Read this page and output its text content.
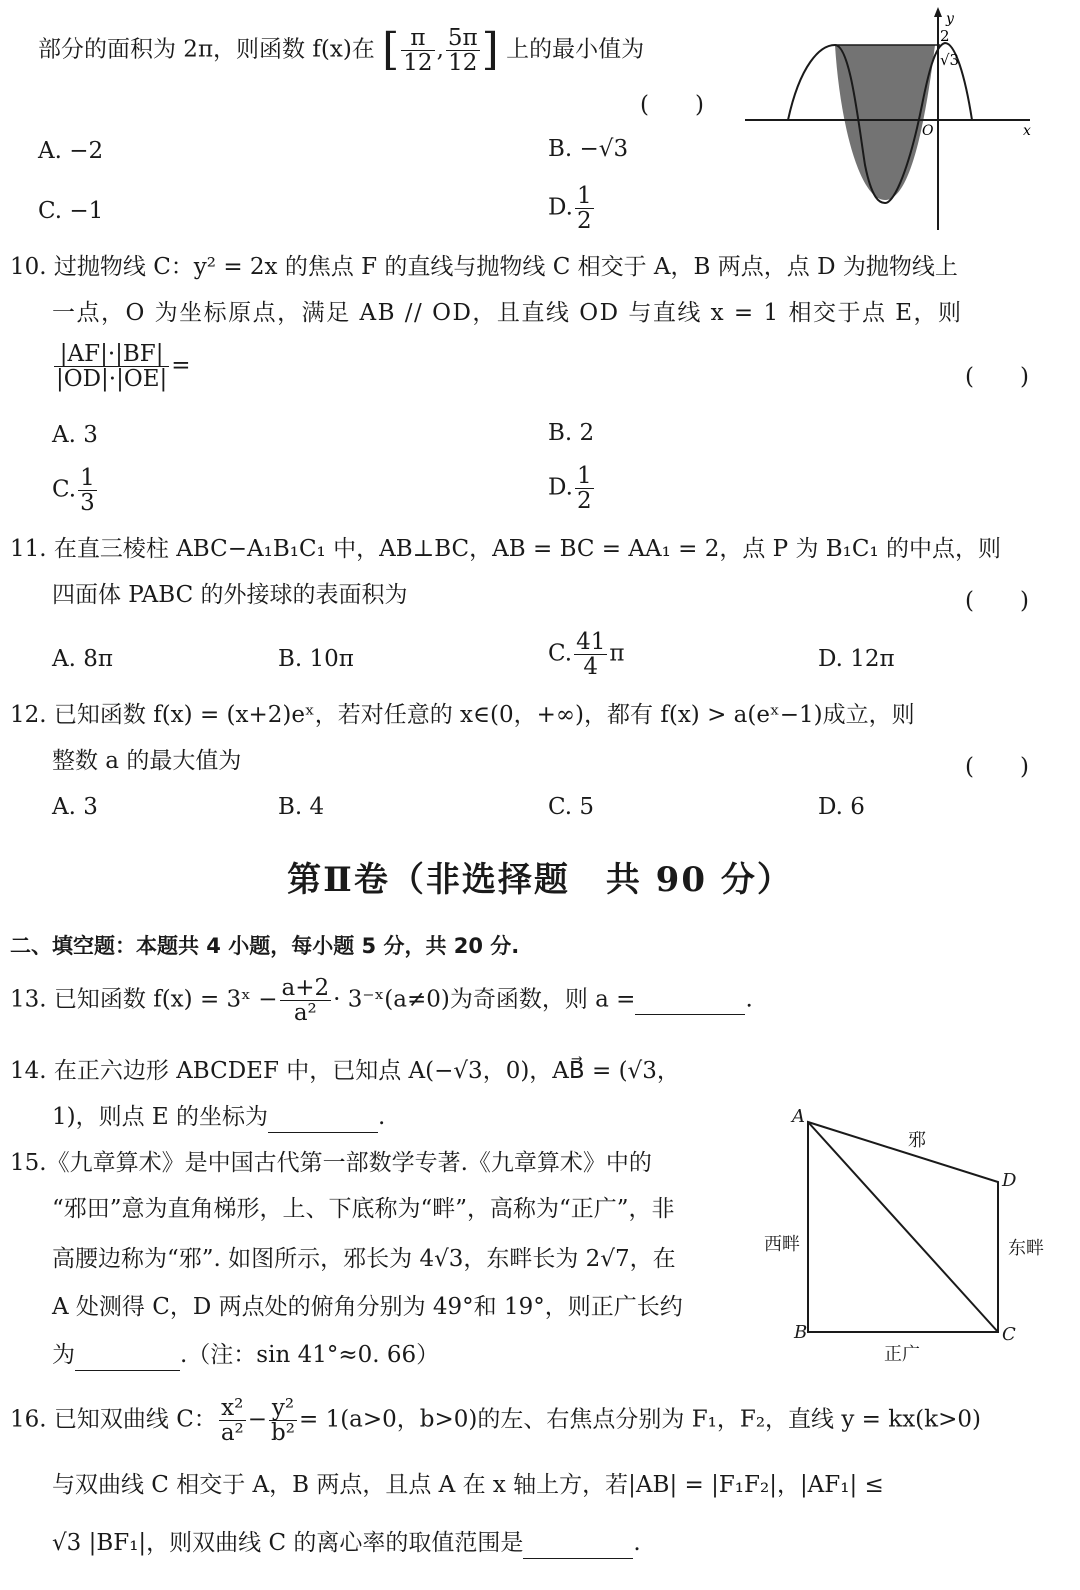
部分的面积为 2π，则函数 f(x)在 [ $\frac{\pi}{12}$ , $\frac{5\pi}{12}$ ] 上的最小值为
(　　)
A. −2	B. −√3
C. −1	D. $\frac{1}{2}$
y
2
√3
O	x
10. 过抛物线 C：y² = 2x 的焦点 F 的直线与抛物线 C 相交于 A，B 两点，点 D 为抛物线上
一点，O 为坐标原点，满足 AB // OD，且直线 OD 与直线 x = 1 相交于点 E，则
$\frac{|AF|\cdot|BF|}{|OD|\cdot|OE|}$ =	(　　)
A. 3	B. 2
C. $\frac{1}{3}$	D. $\frac{1}{2}$
11. 在直三棱柱 ABC−A₁B₁C₁ 中，AB⊥BC，AB = BC = AA₁ = 2，点 P 为 B₁C₁ 的中点，则
四面体 PABC 的外接球的表面积为	(　　)
A. 8π	B. 10π	C. $\frac{41}{4}$ π	D. 12π
12. 已知函数 f(x) = (x+2)eˣ，若对任意的 x∈(0，+∞)，都有 f(x) > a(eˣ−1)成立，则
整数 a 的最大值为	(　　)
A. 3	B. 4	C. 5	D. 6
第Ⅱ卷（非选择题　共 90 分）
二、填空题：本题共 4 小题，每小题 5 分，共 20 分.
13. 已知函数 f(x) = 3ˣ − $\frac{a+2}{\text{a²}}$ · 3⁻ˣ(a≠0)为奇函数，则 a =	.
14. 在正六边形 ABCDEF 中，已知点 A(−√3，0)，AB⃗ = (√3，
1)，则点 E 的坐标为	.
15.《九章算术》是中国古代第一部数学专著.《九章算术》中的
“邪田”意为直角梯形，上、下底称为“畔”，高称为“正广”，非
高腰边称为“邪”. 如图所示，邪长为 4√3，东畔长为 2√7，在
A 处测得 C，D 两点处的俯角分别为 49°和 19°，则正广长约
为	.（注：sin 41°≈0. 66）
A
B	C
D
邪
西畔	东畔
正广
16. 已知双曲线 C： $\frac{\text{x²}}{\text{a²}} - \frac{\text{y²}}{\text{b²}} = 1(a>0$，b>0)的左、右焦点分别为 F₁，F₂，直线 y = kx(k>0)
与双曲线 C 相交于 A，B 两点，且点 A 在 x 轴上方，若|AB| = |F₁F₂|，|AF₁| ≤
√3 |BF₁|，则双曲线 C 的离心率的取值范围是	.
